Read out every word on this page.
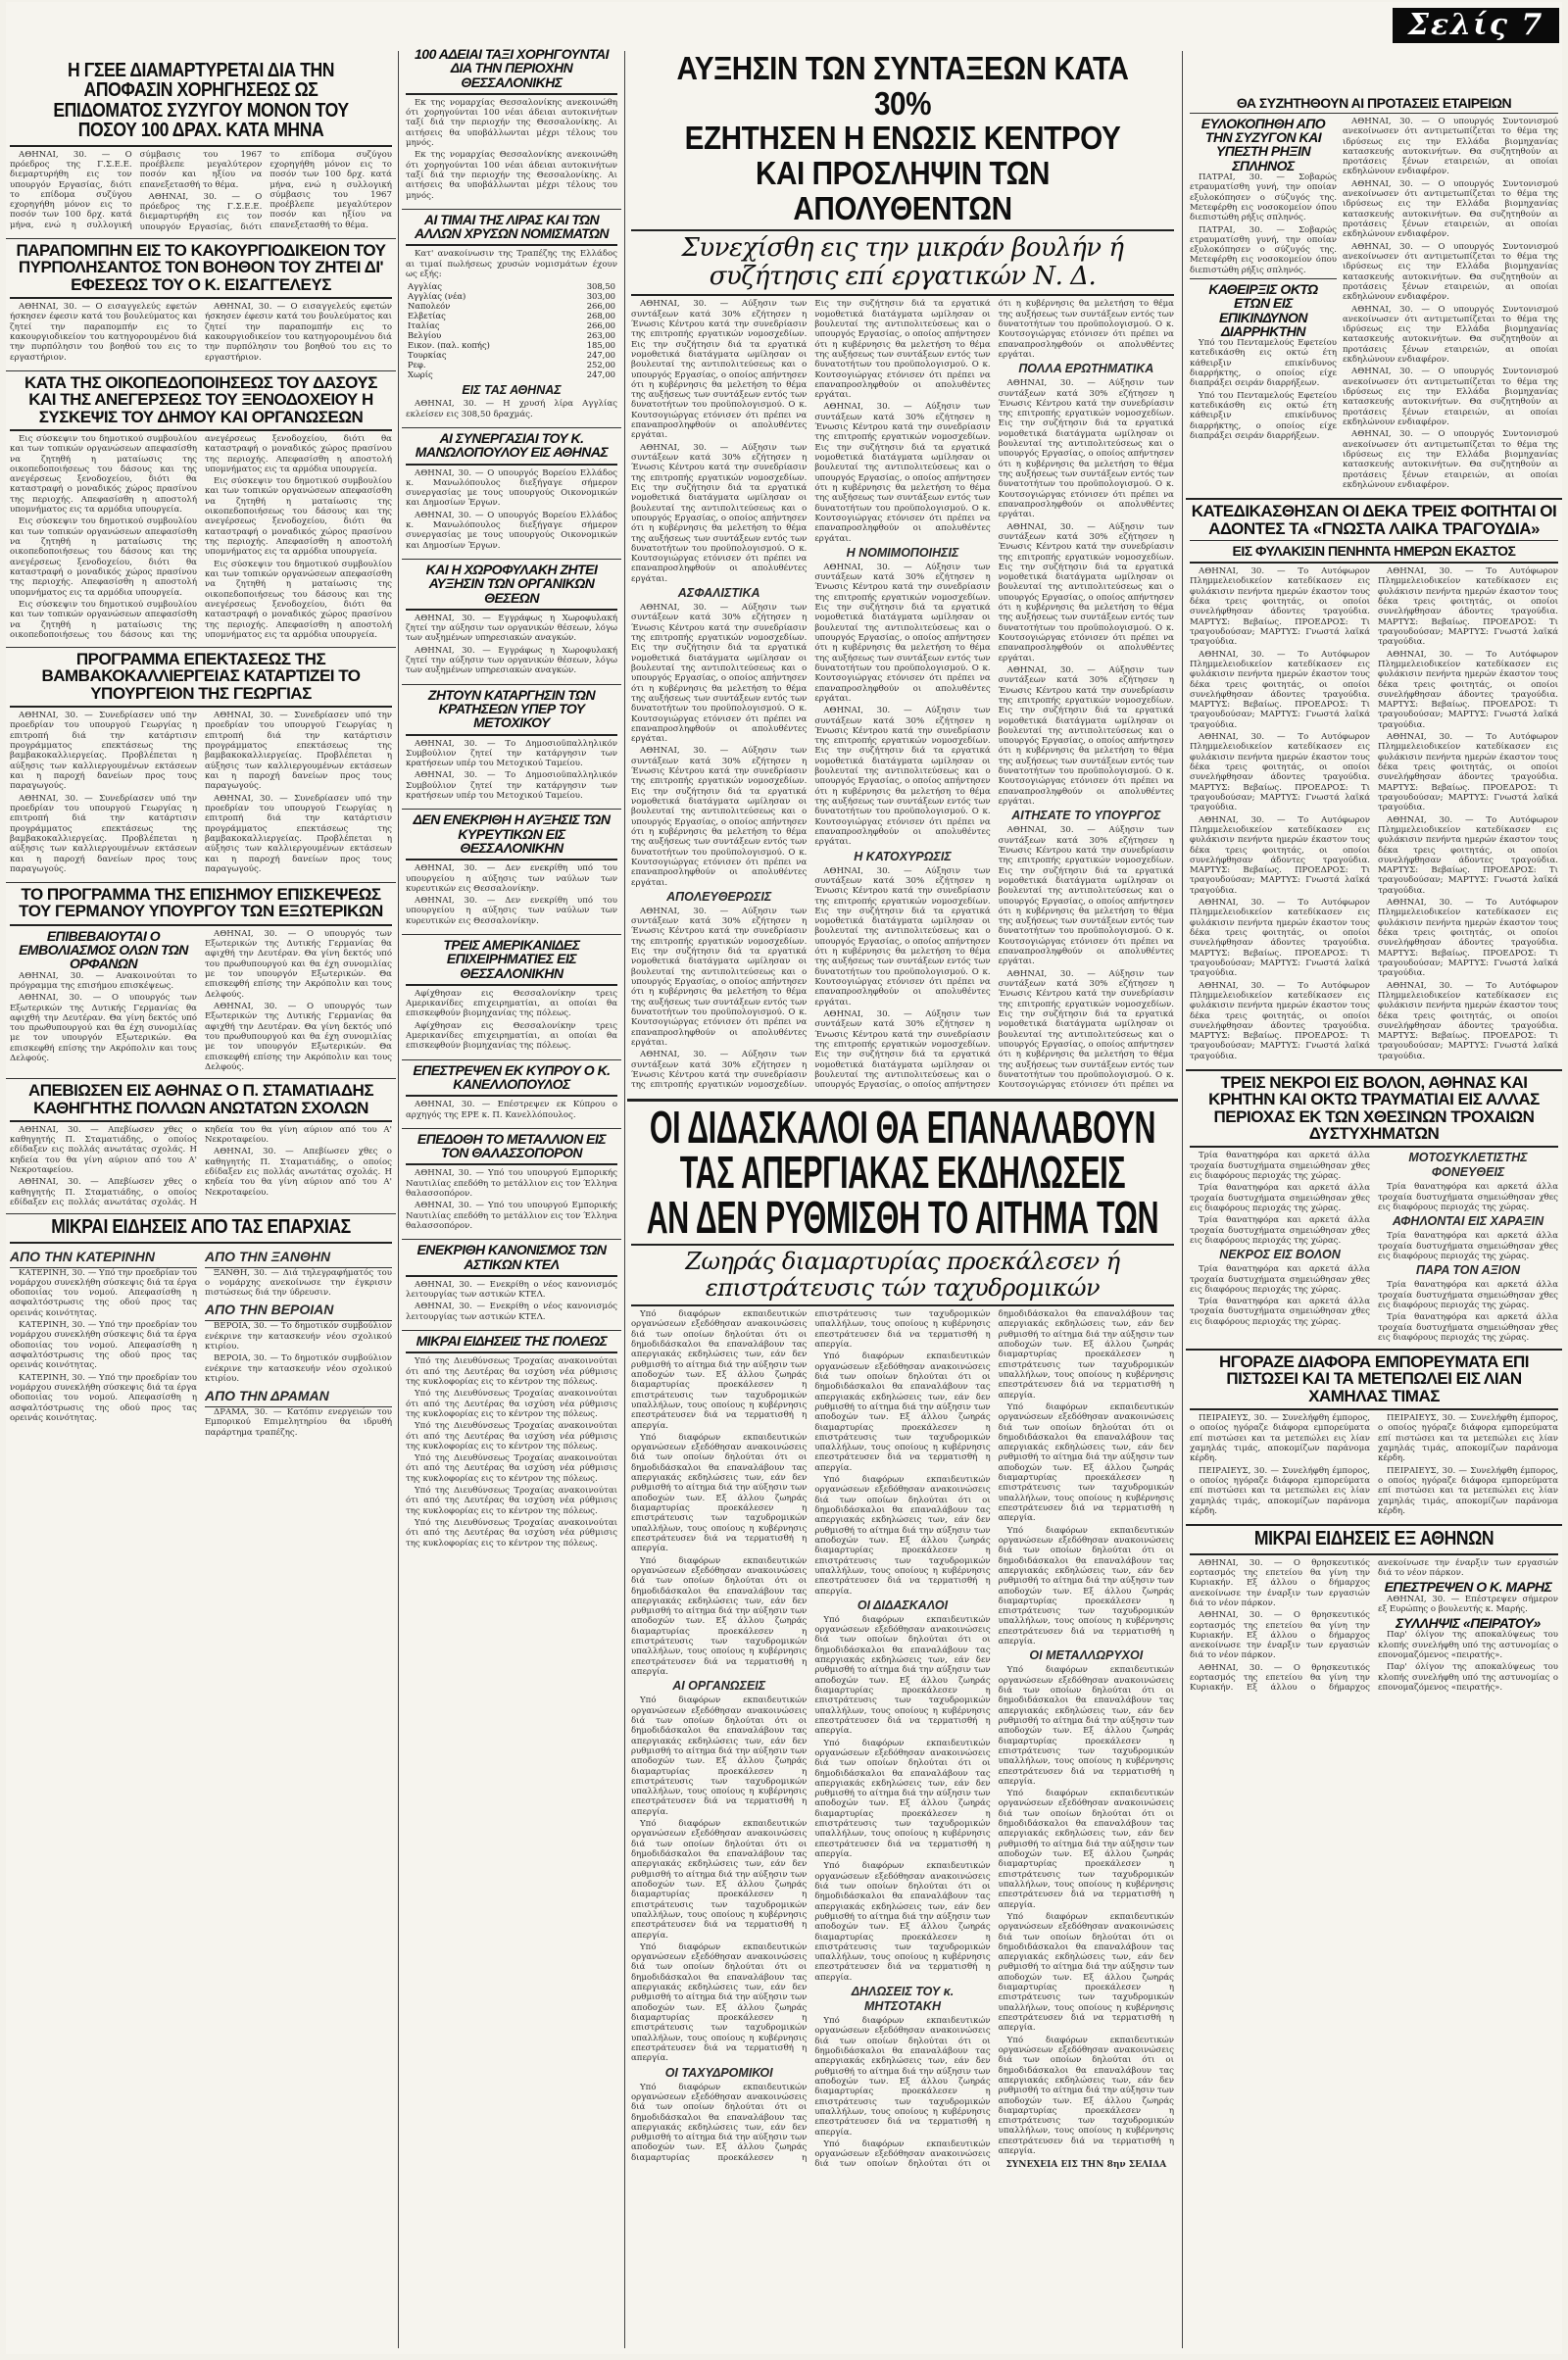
Σελίς 7
Η ΓΣΕΕ ΔΙΑΜΑΡΤΥΡΕΤΑΙ ΔΙΑ ΤΗΝ ΑΠΟΦΑΣΙΝ ΧΟΡΗΓΗΣΕΩΣ ΩΣ ΕΠΙΔΟΜΑΤΟΣ ΣΥΖΥΓΟΥ ΜΟΝΟΝ ΤΟΥ ΠΟΣΟΥ 100 ΔΡΑΧ. ΚΑΤΑ ΜΗΝΑ

ΑΘΗΝΑΙ, 30. — Ο πρόεδρος της Γ.Σ.Ε.Ε. διεμαρτυρήθη εις τον υπουργόν Εργασίας, διότι το επίδομα συζύγου εχορηγήθη μόνον εις το ποσόν των 100 δρχ. κατά μήνα, ενώ η συλλογική σύμβασις του 1967 προέβλεπε μεγαλύτερον ποσόν και ηξίου να επανεξετασθή το θέμα.

ΑΘΗΝΑΙ, 30. — Ο πρόεδρος της Γ.Σ.Ε.Ε. διεμαρτυρήθη εις τον υπουργόν Εργασίας, διότι το επίδομα συζύγου εχορηγήθη μόνον εις το ποσόν των 100 δρχ. κατά μήνα, ενώ η συλλογική σύμβασις του 1967 προέβλεπε μεγαλύτερον ποσόν και ηξίου να επανεξετασθή το θέμα.

ΠΑΡΑΠΟΜΠΗΝ ΕΙΣ ΤΟ ΚΑΚΟΥΡΓΙΟΔΙΚΕΙΟΝ ΤΟΥ ΠΥΡΠΟΛΗΣΑΝΤΟΣ ΤΟΝ ΒΟΗΘΟΝ ΤΟΥ ΖΗΤΕΙ ΔΙ' ΕΦΕΣΕΩΣ ΤΟΥ Ο Κ. ΕΙΣΑΓΓΕΛΕΥΣ

ΑΘΗΝΑΙ, 30. — Ο εισαγγελεύς εφετών ήσκησεν έφεσιν κατά του βουλεύματος και ζητεί την παραπομπήν εις το κακουργιοδικείον του κατηγορουμένου διά την πυρπόλησιν του βοηθού του εις το εργαστήριον.

ΑΘΗΝΑΙ, 30. — Ο εισαγγελεύς εφετών ήσκησεν έφεσιν κατά του βουλεύματος και ζητεί την παραπομπήν εις το κακουργιοδικείον του κατηγορουμένου διά την πυρπόλησιν του βοηθού του εις το εργαστήριον.

ΚΑΤΑ ΤΗΣ ΟΙΚΟΠΕΔΟΠΟΙΗΣΕΩΣ ΤΟΥ ΔΑΣΟΥΣ ΚΑΙ ΤΗΣ ΑΝΕΓΕΡΣΕΩΣ ΤΟΥ ΞΕΝΟΔΟΧΕΙΟΥ Η ΣΥΣΚΕΨΙΣ ΤΟΥ ΔΗΜΟΥ ΚΑΙ ΟΡΓΑΝΩΣΕΩΝ

Εις σύσκεψιν του δημοτικού συμβουλίου και των τοπικών οργανώσεων απεφασίσθη να ζητηθή η ματαίωσις της οικοπεδοποιήσεως του δάσους και της ανεγέρσεως ξενοδοχείου, διότι θα καταστραφή ο μοναδικός χώρος πρασίνου της περιοχής. Απεφασίσθη η αποστολή υπομνήματος εις τα αρμόδια υπουργεία.

Εις σύσκεψιν του δημοτικού συμβουλίου και των τοπικών οργανώσεων απεφασίσθη να ζητηθή η ματαίωσις της οικοπεδοποιήσεως του δάσους και της ανεγέρσεως ξενοδοχείου, διότι θα καταστραφή ο μοναδικός χώρος πρασίνου της περιοχής. Απεφασίσθη η αποστολή υπομνήματος εις τα αρμόδια υπουργεία.

Εις σύσκεψιν του δημοτικού συμβουλίου και των τοπικών οργανώσεων απεφασίσθη να ζητηθή η ματαίωσις της οικοπεδοποιήσεως του δάσους και της ανεγέρσεως ξενοδοχείου, διότι θα καταστραφή ο μοναδικός χώρος πρασίνου της περιοχής. Απεφασίσθη η αποστολή υπομνήματος εις τα αρμόδια υπουργεία.

Εις σύσκεψιν του δημοτικού συμβουλίου και των τοπικών οργανώσεων απεφασίσθη να ζητηθή η ματαίωσις της οικοπεδοποιήσεως του δάσους και της ανεγέρσεως ξενοδοχείου, διότι θα καταστραφή ο μοναδικός χώρος πρασίνου της περιοχής. Απεφασίσθη η αποστολή υπομνήματος εις τα αρμόδια υπουργεία.

Εις σύσκεψιν του δημοτικού συμβουλίου και των τοπικών οργανώσεων απεφασίσθη να ζητηθή η ματαίωσις της οικοπεδοποιήσεως του δάσους και της ανεγέρσεως ξενοδοχείου, διότι θα καταστραφή ο μοναδικός χώρος πρασίνου της περιοχής. Απεφασίσθη η αποστολή υπομνήματος εις τα αρμόδια υπουργεία.

ΠΡΟΓΡΑΜΜΑ ΕΠΕΚΤΑΣΕΩΣ ΤΗΣ ΒΑΜΒΑΚΟΚΑΛΛΙΕΡΓΕΙΑΣ ΚΑΤΑΡΤΙΖΕΙ ΤΟ ΥΠΟΥΡΓΕΙΟΝ ΤΗΣ ΓΕΩΡΓΙΑΣ

ΑΘΗΝΑΙ, 30. — Συνεδρίασεν υπό την προεδρίαν του υπουργού Γεωργίας η επιτροπή διά την κατάρτισιν προγράμματος επεκτάσεως της βαμβακοκαλλιεργείας. Προβλέπεται η αύξησις των καλλιεργουμένων εκτάσεων και η παροχή δανείων προς τους παραγωγούς.

ΑΘΗΝΑΙ, 30. — Συνεδρίασεν υπό την προεδρίαν του υπουργού Γεωργίας η επιτροπή διά την κατάρτισιν προγράμματος επεκτάσεως της βαμβακοκαλλιεργείας. Προβλέπεται η αύξησις των καλλιεργουμένων εκτάσεων και η παροχή δανείων προς τους παραγωγούς.

ΑΘΗΝΑΙ, 30. — Συνεδρίασεν υπό την προεδρίαν του υπουργού Γεωργίας η επιτροπή διά την κατάρτισιν προγράμματος επεκτάσεως της βαμβακοκαλλιεργείας. Προβλέπεται η αύξησις των καλλιεργουμένων εκτάσεων και η παροχή δανείων προς τους παραγωγούς.

ΑΘΗΝΑΙ, 30. — Συνεδρίασεν υπό την προεδρίαν του υπουργού Γεωργίας η επιτροπή διά την κατάρτισιν προγράμματος επεκτάσεως της βαμβακοκαλλιεργείας. Προβλέπεται η αύξησις των καλλιεργουμένων εκτάσεων και η παροχή δανείων προς τους παραγωγούς.

ΤΟ ΠΡΟΓΡΑΜΜΑ ΤΗΣ ΕΠΙΣΗΜΟΥ ΕΠΙΣΚΕΨΕΩΣ ΤΟΥ ΓΕΡΜΑΝΟΥ ΥΠΟΥΡΓΟΥ ΤΩΝ ΕΞΩΤΕΡΙΚΩΝ
ΕΠΙΒΕΒΑΙΟΥΤΑΙ Ο ΕΜΒΟΛΙΑΣΜΟΣ ΟΛΩΝ ΤΩΝ ΟΡΦΑΝΩΝ

ΑΘΗΝΑΙ, 30. — Ανακοινούται το πρόγραμμα της επισήμου επισκέψεως.

ΑΘΗΝΑΙ, 30. — Ο υπουργός των Εξωτερικών της Δυτικής Γερμανίας θα αφιχθή την Δευτέραν. Θα γίνη δεκτός υπό του πρωθυπουργού και θα έχη συνομιλίας με τον υπουργόν Εξωτερικών. Θα επισκεφθή επίσης την Ακρόπολιν και τους Δελφούς.

ΑΘΗΝΑΙ, 30. — Ο υπουργός των Εξωτερικών της Δυτικής Γερμανίας θα αφιχθή την Δευτέραν. Θα γίνη δεκτός υπό του πρωθυπουργού και θα έχη συνομιλίας με τον υπουργόν Εξωτερικών. Θα επισκεφθή επίσης την Ακρόπολιν και τους Δελφούς.

ΑΘΗΝΑΙ, 30. — Ο υπουργός των Εξωτερικών της Δυτικής Γερμανίας θα αφιχθή την Δευτέραν. Θα γίνη δεκτός υπό του πρωθυπουργού και θα έχη συνομιλίας με τον υπουργόν Εξωτερικών. Θα επισκεφθή επίσης την Ακρόπολιν και τους Δελφούς.

ΑΠΕΒΙΩΣΕΝ ΕΙΣ ΑΘΗΝΑΣ Ο Π. ΣΤΑΜΑΤΙΑΔΗΣ ΚΑΘΗΓΗΤΗΣ ΠΟΛΛΩΝ ΑΝΩΤΑΤΩΝ ΣΧΟΛΩΝ

ΑΘΗΝΑΙ, 30. — Απεβίωσεν χθες ο καθηγητής Π. Σταματιάδης, ο οποίος εδίδαξεν εις πολλάς ανωτάτας σχολάς. Η κηδεία του θα γίνη αύριον από του Α' Νεκροταφείου.

ΑΘΗΝΑΙ, 30. — Απεβίωσεν χθες ο καθηγητής Π. Σταματιάδης, ο οποίος εδίδαξεν εις πολλάς ανωτάτας σχολάς. Η κηδεία του θα γίνη αύριον από του Α' Νεκροταφείου.

ΑΘΗΝΑΙ, 30. — Απεβίωσεν χθες ο καθηγητής Π. Σταματιάδης, ο οποίος εδίδαξεν εις πολλάς ανωτάτας σχολάς. Η κηδεία του θα γίνη αύριον από του Α' Νεκροταφείου.

ΜΙΚΡΑΙ ΕΙΔΗΣΕΙΣ ΑΠΟ ΤΑΣ ΕΠΑΡΧΙΑΣ
ΑΠΟ ΤΗΝ ΚΑΤΕΡΙΝΗΝ

ΚΑΤΕΡΙΝΗ, 30. — Υπό την προεδρίαν του νομάρχου συνεκλήθη σύσκεψις διά τα έργα οδοποιίας του νομού. Απεφασίσθη η ασφαλτόστρωσις της οδού προς τας ορεινάς κοινότητας.

ΚΑΤΕΡΙΝΗ, 30. — Υπό την προεδρίαν του νομάρχου συνεκλήθη σύσκεψις διά τα έργα οδοποιίας του νομού. Απεφασίσθη η ασφαλτόστρωσις της οδού προς τας ορεινάς κοινότητας.

ΚΑΤΕΡΙΝΗ, 30. — Υπό την προεδρίαν του νομάρχου συνεκλήθη σύσκεψις διά τα έργα οδοποιίας του νομού. Απεφασίσθη η ασφαλτόστρωσις της οδού προς τας ορεινάς κοινότητας.

ΑΠΟ ΤΗΝ ΞΑΝΘΗΝ

ΞΑΝΘΗ, 30. — Διά τηλεγραφήματός του ο νομάρχης ανεκοίνωσε την έγκρισιν πιστώσεως διά την ύδρευσιν.

ΑΠΟ ΤΗΝ ΒΕΡΟΙΑΝ

ΒΕΡΟΙΑ, 30. — Το δημοτικόν συμβούλιον ενέκρινε την κατασκευήν νέου σχολικού κτιρίου.

ΒΕΡΟΙΑ, 30. — Το δημοτικόν συμβούλιον ενέκρινε την κατασκευήν νέου σχολικού κτιρίου.

ΑΠΟ ΤΗΝ ΔΡΑΜΑΝ

ΔΡΑΜΑ, 30. — Κατόπιν ενεργειών του Εμπορικού Επιμελητηρίου θα ιδρυθή παράρτημα τραπέζης.

100 ΑΔΕΙΑΙ ΤΑΞΙ ΧΟΡΗΓΟΥΝΤΑΙ ΔΙΑ ΤΗΝ ΠΕΡΙΟΧΗΝ ΘΕΣΣΑΛΟΝΙΚΗΣ

Εκ της νομαρχίας Θεσσαλονίκης ανεκοινώθη ότι χορηγούνται 100 νέαι άδειαι αυτοκινήτων ταξί διά την περιοχήν της Θεσσαλονίκης. Αι αιτήσεις θα υποβάλλωνται μέχρι τέλους του μηνός.

Εκ της νομαρχίας Θεσσαλονίκης ανεκοινώθη ότι χορηγούνται 100 νέαι άδειαι αυτοκινήτων ταξί διά την περιοχήν της Θεσσαλονίκης. Αι αιτήσεις θα υποβάλλωνται μέχρι τέλους του μηνός.

ΑΙ ΤΙΜΑΙ ΤΗΣ ΛΙΡΑΣ ΚΑΙ ΤΩΝ ΑΛΛΩΝ ΧΡΥΣΩΝ ΝΟΜΙΣΜΑΤΩΝ

Κατ' ανακοίνωσιν της Τραπέζης της Ελλάδος αι τιμαί πωλήσεως χρυσών νομισμάτων έχουν ως εξής:

Αγγλίας	308,50
Αγγλίας (νέα)	303,00
Ναπολεόν	266,00
Ελβετίας	268,00
Ιταλίας	266,00
Βελγίου	263,00
Εικον. (παλ. κοπής)	185,00
Τουρκίας	247,00
Ρεφ.	252,00
Χωρίς	247,00
ΕΙΣ ΤΑΣ ΑΘΗΝΑΣ

ΑΘΗΝΑΙ, 30. — Η χρυσή λίρα Αγγλίας εκλείσεν εις 308,50 δραχμάς.

ΑΙ ΣΥΝΕΡΓΑΣΙΑΙ ΤΟΥ Κ. ΜΑΝΩΛΟΠΟΥΛΟΥ ΕΙΣ ΑΘΗΝΑΣ

ΑΘΗΝΑΙ, 30. — Ο υπουργός Βορείου Ελλάδος κ. Μανωλόπουλος διεξήγαγε σήμερον συνεργασίας με τους υπουργούς Οικονομικών και Δημοσίων Έργων.

ΑΘΗΝΑΙ, 30. — Ο υπουργός Βορείου Ελλάδος κ. Μανωλόπουλος διεξήγαγε σήμερον συνεργασίας με τους υπουργούς Οικονομικών και Δημοσίων Έργων.

ΚΑΙ Η ΧΩΡΟΦΥΛΑΚΗ ΖΗΤΕΙ ΑΥΞΗΣΙΝ ΤΩΝ ΟΡΓΑΝΙΚΩΝ ΘΕΣΕΩΝ

ΑΘΗΝΑΙ, 30. — Εγγράφως η Χωροφυλακή ζητεί την αύξησιν των οργανικών θέσεων, λόγω των αυξημένων υπηρεσιακών αναγκών.

ΑΘΗΝΑΙ, 30. — Εγγράφως η Χωροφυλακή ζητεί την αύξησιν των οργανικών θέσεων, λόγω των αυξημένων υπηρεσιακών αναγκών.

ΖΗΤΟΥΝ ΚΑΤΑΡΓΗΣΙΝ ΤΩΝ ΚΡΑΤΗΣΕΩΝ ΥΠΕΡ ΤΟΥ ΜΕΤΟΧΙΚΟΥ

ΑΘΗΝΑΙ, 30. — Το Δημοσιοϋπαλληλικόν Συμβούλιον ζητεί την κατάργησιν των κρατήσεων υπέρ του Μετοχικού Ταμείου.

ΑΘΗΝΑΙ, 30. — Το Δημοσιοϋπαλληλικόν Συμβούλιον ζητεί την κατάργησιν των κρατήσεων υπέρ του Μετοχικού Ταμείου.

ΔΕΝ ΕΝΕΚΡΙΘΗ Η ΑΥΞΗΣΙΣ ΤΩΝ ΚΥΡΕΥΤΙΚΩΝ ΕΙΣ ΘΕΣΣΑΛΟΝΙΚΗΝ

ΑΘΗΝΑΙ, 30. — Δεν ενεκρίθη υπό του υπουργείου η αύξησις των ναύλων των κυρευτικών εις Θεσσαλονίκην.

ΑΘΗΝΑΙ, 30. — Δεν ενεκρίθη υπό του υπουργείου η αύξησις των ναύλων των κυρευτικών εις Θεσσαλονίκην.

ΤΡΕΙΣ ΑΜΕΡΙΚΑΝΙΔΕΣ ΕΠΙΧΕΙΡΗΜΑΤΙΕΣ ΕΙΣ ΘΕΣΣΑΛΟΝΙΚΗΝ

Αφίχθησαν εις Θεσσαλονίκην τρεις Αμερικανίδες επιχειρηματίαι, αι οποίαι θα επισκεφθούν βιομηχανίας της πόλεως.

Αφίχθησαν εις Θεσσαλονίκην τρεις Αμερικανίδες επιχειρηματίαι, αι οποίαι θα επισκεφθούν βιομηχανίας της πόλεως.

ΕΠΕΣΤΡΕΨΕΝ ΕΚ ΚΥΠΡΟΥ Ο Κ. ΚΑΝΕΛΛΟΠΟΥΛΟΣ

ΑΘΗΝΑΙ, 30. — Επέστρεψεν εκ Κύπρου ο αρχηγός της ΕΡΕ κ. Π. Κανελλόπουλος.

ΕΠΕΔΟΘΗ ΤΟ ΜΕΤΑΛΛΙΟΝ ΕΙΣ ΤΟΝ ΘΑΛΑΣΣΟΠΟΡΟΝ

ΑΘΗΝΑΙ, 30. — Υπό του υπουργού Εμπορικής Ναυτιλίας επεδόθη το μετάλλιον εις τον Έλληνα θαλασσοπόρον.

ΑΘΗΝΑΙ, 30. — Υπό του υπουργού Εμπορικής Ναυτιλίας επεδόθη το μετάλλιον εις τον Έλληνα θαλασσοπόρον.

ΕΝΕΚΡΙΘΗ ΚΑΝΟΝΙΣΜΟΣ ΤΩΝ ΑΣΤΙΚΩΝ ΚΤΕΛ

ΑΘΗΝΑΙ, 30. — Ενεκρίθη ο νέος κανονισμός λειτουργίας των αστικών ΚΤΕΛ.

ΑΘΗΝΑΙ, 30. — Ενεκρίθη ο νέος κανονισμός λειτουργίας των αστικών ΚΤΕΛ.

ΜΙΚΡΑΙ ΕΙΔΗΣΕΙΣ ΤΗΣ ΠΟΛΕΩΣ

Υπό της Διευθύνσεως Τροχαίας ανακοινούται ότι από της Δευτέρας θα ισχύση νέα ρύθμισις της κυκλοφορίας εις το κέντρον της πόλεως.

Υπό της Διευθύνσεως Τροχαίας ανακοινούται ότι από της Δευτέρας θα ισχύση νέα ρύθμισις της κυκλοφορίας εις το κέντρον της πόλεως.

Υπό της Διευθύνσεως Τροχαίας ανακοινούται ότι από της Δευτέρας θα ισχύση νέα ρύθμισις της κυκλοφορίας εις το κέντρον της πόλεως.

Υπό της Διευθύνσεως Τροχαίας ανακοινούται ότι από της Δευτέρας θα ισχύση νέα ρύθμισις της κυκλοφορίας εις το κέντρον της πόλεως.

Υπό της Διευθύνσεως Τροχαίας ανακοινούται ότι από της Δευτέρας θα ισχύση νέα ρύθμισις της κυκλοφορίας εις το κέντρον της πόλεως.

Υπό της Διευθύνσεως Τροχαίας ανακοινούται ότι από της Δευτέρας θα ισχύση νέα ρύθμισις της κυκλοφορίας εις το κέντρον της πόλεως.

ΑΥΞΗΣΙΝ ΤΩΝ ΣΥΝΤΑΞΕΩΝ ΚΑΤΑ 30%
ΕΖΗΤΗΣΕΝ Η ΕΝΩΣΙΣ ΚΕΝΤΡΟΥ
ΚΑΙ ΠΡΟΣΛΗΨΙΝ ΤΩΝ ΑΠΟΛΥΘΕΝΤΩΝ
Συνεχίσθη εις την μικράν βουλήν ή συζήτησις επί εργατικών Ν. Δ.

ΑΘΗΝΑΙ, 30. — Αύξησιν των συντάξεων κατά 30% εζήτησεν η Ένωσις Κέντρου κατά την συνεδρίασιν της επιτροπής εργατικών νομοσχεδίων. Εις την συζήτησιν διά τα εργατικά νομοθετικά διατάγματα ωμίλησαν οι βουλευταί της αντιπολιτεύσεως και ο υπουργός Εργασίας, ο οποίος απήντησεν ότι η κυβέρνησις θα μελετήση το θέμα της αυξήσεως των συντάξεων εντός των δυνατοτήτων του προϋπολογισμού. Ο κ. Κουτσογιώργας ετόνισεν ότι πρέπει να επαναπροσληφθούν οι απολυθέντες εργάται.

ΑΘΗΝΑΙ, 30. — Αύξησιν των συντάξεων κατά 30% εζήτησεν η Ένωσις Κέντρου κατά την συνεδρίασιν της επιτροπής εργατικών νομοσχεδίων. Εις την συζήτησιν διά τα εργατικά νομοθετικά διατάγματα ωμίλησαν οι βουλευταί της αντιπολιτεύσεως και ο υπουργός Εργασίας, ο οποίος απήντησεν ότι η κυβέρνησις θα μελετήση το θέμα της αυξήσεως των συντάξεων εντός των δυνατοτήτων του προϋπολογισμού. Ο κ. Κουτσογιώργας ετόνισεν ότι πρέπει να επαναπροσληφθούν οι απολυθέντες εργάται.

ΑΣΦΑΛΙΣΤΙΚΑ

ΑΘΗΝΑΙ, 30. — Αύξησιν των συντάξεων κατά 30% εζήτησεν η Ένωσις Κέντρου κατά την συνεδρίασιν της επιτροπής εργατικών νομοσχεδίων. Εις την συζήτησιν διά τα εργατικά νομοθετικά διατάγματα ωμίλησαν οι βουλευταί της αντιπολιτεύσεως και ο υπουργός Εργασίας, ο οποίος απήντησεν ότι η κυβέρνησις θα μελετήση το θέμα της αυξήσεως των συντάξεων εντός των δυνατοτήτων του προϋπολογισμού. Ο κ. Κουτσογιώργας ετόνισεν ότι πρέπει να επαναπροσληφθούν οι απολυθέντες εργάται.

ΑΘΗΝΑΙ, 30. — Αύξησιν των συντάξεων κατά 30% εζήτησεν η Ένωσις Κέντρου κατά την συνεδρίασιν της επιτροπής εργατικών νομοσχεδίων. Εις την συζήτησιν διά τα εργατικά νομοθετικά διατάγματα ωμίλησαν οι βουλευταί της αντιπολιτεύσεως και ο υπουργός Εργασίας, ο οποίος απήντησεν ότι η κυβέρνησις θα μελετήση το θέμα της αυξήσεως των συντάξεων εντός των δυνατοτήτων του προϋπολογισμού. Ο κ. Κουτσογιώργας ετόνισεν ότι πρέπει να επαναπροσληφθούν οι απολυθέντες εργάται.

ΑΠΟΛΕΥΘΕΡΩΣΙΣ

ΑΘΗΝΑΙ, 30. — Αύξησιν των συντάξεων κατά 30% εζήτησεν η Ένωσις Κέντρου κατά την συνεδρίασιν της επιτροπής εργατικών νομοσχεδίων. Εις την συζήτησιν διά τα εργατικά νομοθετικά διατάγματα ωμίλησαν οι βουλευταί της αντιπολιτεύσεως και ο υπουργός Εργασίας, ο οποίος απήντησεν ότι η κυβέρνησις θα μελετήση το θέμα της αυξήσεως των συντάξεων εντός των δυνατοτήτων του προϋπολογισμού. Ο κ. Κουτσογιώργας ετόνισεν ότι πρέπει να επαναπροσληφθούν οι απολυθέντες εργάται.

ΑΘΗΝΑΙ, 30. — Αύξησιν των συντάξεων κατά 30% εζήτησεν η Ένωσις Κέντρου κατά την συνεδρίασιν της επιτροπής εργατικών νομοσχεδίων. Εις την συζήτησιν διά τα εργατικά νομοθετικά διατάγματα ωμίλησαν οι βουλευταί της αντιπολιτεύσεως και ο υπουργός Εργασίας, ο οποίος απήντησεν ότι η κυβέρνησις θα μελετήση το θέμα της αυξήσεως των συντάξεων εντός των δυνατοτήτων του προϋπολογισμού. Ο κ. Κουτσογιώργας ετόνισεν ότι πρέπει να επαναπροσληφθούν οι απολυθέντες εργάται.

ΑΘΗΝΑΙ, 30. — Αύξησιν των συντάξεων κατά 30% εζήτησεν η Ένωσις Κέντρου κατά την συνεδρίασιν της επιτροπής εργατικών νομοσχεδίων. Εις την συζήτησιν διά τα εργατικά νομοθετικά διατάγματα ωμίλησαν οι βουλευταί της αντιπολιτεύσεως και ο υπουργός Εργασίας, ο οποίος απήντησεν ότι η κυβέρνησις θα μελετήση το θέμα της αυξήσεως των συντάξεων εντός των δυνατοτήτων του προϋπολογισμού. Ο κ. Κουτσογιώργας ετόνισεν ότι πρέπει να επαναπροσληφθούν οι απολυθέντες εργάται.

Η ΝΟΜΙΜΟΠΟΙΗΣΙΣ

ΑΘΗΝΑΙ, 30. — Αύξησιν των συντάξεων κατά 30% εζήτησεν η Ένωσις Κέντρου κατά την συνεδρίασιν της επιτροπής εργατικών νομοσχεδίων. Εις την συζήτησιν διά τα εργατικά νομοθετικά διατάγματα ωμίλησαν οι βουλευταί της αντιπολιτεύσεως και ο υπουργός Εργασίας, ο οποίος απήντησεν ότι η κυβέρνησις θα μελετήση το θέμα της αυξήσεως των συντάξεων εντός των δυνατοτήτων του προϋπολογισμού. Ο κ. Κουτσογιώργας ετόνισεν ότι πρέπει να επαναπροσληφθούν οι απολυθέντες εργάται.

ΑΘΗΝΑΙ, 30. — Αύξησιν των συντάξεων κατά 30% εζήτησεν η Ένωσις Κέντρου κατά την συνεδρίασιν της επιτροπής εργατικών νομοσχεδίων. Εις την συζήτησιν διά τα εργατικά νομοθετικά διατάγματα ωμίλησαν οι βουλευταί της αντιπολιτεύσεως και ο υπουργός Εργασίας, ο οποίος απήντησεν ότι η κυβέρνησις θα μελετήση το θέμα της αυξήσεως των συντάξεων εντός των δυνατοτήτων του προϋπολογισμού. Ο κ. Κουτσογιώργας ετόνισεν ότι πρέπει να επαναπροσληφθούν οι απολυθέντες εργάται.

Η ΚΑΤΟΧΥΡΩΣΙΣ

ΑΘΗΝΑΙ, 30. — Αύξησιν των συντάξεων κατά 30% εζήτησεν η Ένωσις Κέντρου κατά την συνεδρίασιν της επιτροπής εργατικών νομοσχεδίων. Εις την συζήτησιν διά τα εργατικά νομοθετικά διατάγματα ωμίλησαν οι βουλευταί της αντιπολιτεύσεως και ο υπουργός Εργασίας, ο οποίος απήντησεν ότι η κυβέρνησις θα μελετήση το θέμα της αυξήσεως των συντάξεων εντός των δυνατοτήτων του προϋπολογισμού. Ο κ. Κουτσογιώργας ετόνισεν ότι πρέπει να επαναπροσληφθούν οι απολυθέντες εργάται.

ΑΘΗΝΑΙ, 30. — Αύξησιν των συντάξεων κατά 30% εζήτησεν η Ένωσις Κέντρου κατά την συνεδρίασιν της επιτροπής εργατικών νομοσχεδίων. Εις την συζήτησιν διά τα εργατικά νομοθετικά διατάγματα ωμίλησαν οι βουλευταί της αντιπολιτεύσεως και ο υπουργός Εργασίας, ο οποίος απήντησεν ότι η κυβέρνησις θα μελετήση το θέμα της αυξήσεως των συντάξεων εντός των δυνατοτήτων του προϋπολογισμού. Ο κ. Κουτσογιώργας ετόνισεν ότι πρέπει να επαναπροσληφθούν οι απολυθέντες εργάται.

ΠΟΛΛΑ ΕΡΩΤΗΜΑΤΙΚΑ

ΑΘΗΝΑΙ, 30. — Αύξησιν των συντάξεων κατά 30% εζήτησεν η Ένωσις Κέντρου κατά την συνεδρίασιν της επιτροπής εργατικών νομοσχεδίων. Εις την συζήτησιν διά τα εργατικά νομοθετικά διατάγματα ωμίλησαν οι βουλευταί της αντιπολιτεύσεως και ο υπουργός Εργασίας, ο οποίος απήντησεν ότι η κυβέρνησις θα μελετήση το θέμα της αυξήσεως των συντάξεων εντός των δυνατοτήτων του προϋπολογισμού. Ο κ. Κουτσογιώργας ετόνισεν ότι πρέπει να επαναπροσληφθούν οι απολυθέντες εργάται.

ΑΘΗΝΑΙ, 30. — Αύξησιν των συντάξεων κατά 30% εζήτησεν η Ένωσις Κέντρου κατά την συνεδρίασιν της επιτροπής εργατικών νομοσχεδίων. Εις την συζήτησιν διά τα εργατικά νομοθετικά διατάγματα ωμίλησαν οι βουλευταί της αντιπολιτεύσεως και ο υπουργός Εργασίας, ο οποίος απήντησεν ότι η κυβέρνησις θα μελετήση το θέμα της αυξήσεως των συντάξεων εντός των δυνατοτήτων του προϋπολογισμού. Ο κ. Κουτσογιώργας ετόνισεν ότι πρέπει να επαναπροσληφθούν οι απολυθέντες εργάται.

ΑΘΗΝΑΙ, 30. — Αύξησιν των συντάξεων κατά 30% εζήτησεν η Ένωσις Κέντρου κατά την συνεδρίασιν της επιτροπής εργατικών νομοσχεδίων. Εις την συζήτησιν διά τα εργατικά νομοθετικά διατάγματα ωμίλησαν οι βουλευταί της αντιπολιτεύσεως και ο υπουργός Εργασίας, ο οποίος απήντησεν ότι η κυβέρνησις θα μελετήση το θέμα της αυξήσεως των συντάξεων εντός των δυνατοτήτων του προϋπολογισμού. Ο κ. Κουτσογιώργας ετόνισεν ότι πρέπει να επαναπροσληφθούν οι απολυθέντες εργάται.

ΑΙΤΗΣΑΤΕ ΤΟ ΥΠΟΥΡΓΟΣ

ΑΘΗΝΑΙ, 30. — Αύξησιν των συντάξεων κατά 30% εζήτησεν η Ένωσις Κέντρου κατά την συνεδρίασιν της επιτροπής εργατικών νομοσχεδίων. Εις την συζήτησιν διά τα εργατικά νομοθετικά διατάγματα ωμίλησαν οι βουλευταί της αντιπολιτεύσεως και ο υπουργός Εργασίας, ο οποίος απήντησεν ότι η κυβέρνησις θα μελετήση το θέμα της αυξήσεως των συντάξεων εντός των δυνατοτήτων του προϋπολογισμού. Ο κ. Κουτσογιώργας ετόνισεν ότι πρέπει να επαναπροσληφθούν οι απολυθέντες εργάται.

ΑΘΗΝΑΙ, 30. — Αύξησιν των συντάξεων κατά 30% εζήτησεν η Ένωσις Κέντρου κατά την συνεδρίασιν της επιτροπής εργατικών νομοσχεδίων. Εις την συζήτησιν διά τα εργατικά νομοθετικά διατάγματα ωμίλησαν οι βουλευταί της αντιπολιτεύσεως και ο υπουργός Εργασίας, ο οποίος απήντησεν ότι η κυβέρνησις θα μελετήση το θέμα της αυξήσεως των συντάξεων εντός των δυνατοτήτων του προϋπολογισμού. Ο κ. Κουτσογιώργας ετόνισεν ότι πρέπει να

ΟΙ ΔΙΔΑΣΚΑΛΟΙ ΘΑ ΕΠΑΝΑΛΑΒΟΥΝ
ΤΑΣ ΑΠΕΡΓΙΑΚΑΣ ΕΚΔΗΛΩΣΕΙΣ
ΑΝ ΔΕΝ ΡΥΘΜΙΣΘΗ ΤΟ ΑΙΤΗΜΑ ΤΩΝ
Ζωηράς διαμαρτυρίας προεκάλεσεν ή επιστράτευσις τών ταχυδρομικών

Υπό διαφόρων εκπαιδευτικών οργανώσεων εξεδόθησαν ανακοινώσεις διά των οποίων δηλούται ότι οι δημοδιδάσκαλοι θα επαναλάβουν τας απεργιακάς εκδηλώσεις των, εάν δεν ρυθμισθή το αίτημα διά την αύξησιν των αποδοχών των. Εξ άλλου ζωηράς διαμαρτυρίας προεκάλεσεν η επιστράτευσις των ταχυδρομικών υπαλλήλων, τους οποίους η κυβέρνησις επεστράτευσεν διά να τερματισθή η απεργία.

Υπό διαφόρων εκπαιδευτικών οργανώσεων εξεδόθησαν ανακοινώσεις διά των οποίων δηλούται ότι οι δημοδιδάσκαλοι θα επαναλάβουν τας απεργιακάς εκδηλώσεις των, εάν δεν ρυθμισθή το αίτημα διά την αύξησιν των αποδοχών των. Εξ άλλου ζωηράς διαμαρτυρίας προεκάλεσεν η επιστράτευσις των ταχυδρομικών υπαλλήλων, τους οποίους η κυβέρνησις επεστράτευσεν διά να τερματισθή η απεργία.

Υπό διαφόρων εκπαιδευτικών οργανώσεων εξεδόθησαν ανακοινώσεις διά των οποίων δηλούται ότι οι δημοδιδάσκαλοι θα επαναλάβουν τας απεργιακάς εκδηλώσεις των, εάν δεν ρυθμισθή το αίτημα διά την αύξησιν των αποδοχών των. Εξ άλλου ζωηράς διαμαρτυρίας προεκάλεσεν η επιστράτευσις των ταχυδρομικών υπαλλήλων, τους οποίους η κυβέρνησις επεστράτευσεν διά να τερματισθή η απεργία.

ΑΙ ΟΡΓΑΝΩΣΕΙΣ

Υπό διαφόρων εκπαιδευτικών οργανώσεων εξεδόθησαν ανακοινώσεις διά των οποίων δηλούται ότι οι δημοδιδάσκαλοι θα επαναλάβουν τας απεργιακάς εκδηλώσεις των, εάν δεν ρυθμισθή το αίτημα διά την αύξησιν των αποδοχών των. Εξ άλλου ζωηράς διαμαρτυρίας προεκάλεσεν η επιστράτευσις των ταχυδρομικών υπαλλήλων, τους οποίους η κυβέρνησις επεστράτευσεν διά να τερματισθή η απεργία.

Υπό διαφόρων εκπαιδευτικών οργανώσεων εξεδόθησαν ανακοινώσεις διά των οποίων δηλούται ότι οι δημοδιδάσκαλοι θα επαναλάβουν τας απεργιακάς εκδηλώσεις των, εάν δεν ρυθμισθή το αίτημα διά την αύξησιν των αποδοχών των. Εξ άλλου ζωηράς διαμαρτυρίας προεκάλεσεν η επιστράτευσις των ταχυδρομικών υπαλλήλων, τους οποίους η κυβέρνησις επεστράτευσεν διά να τερματισθή η απεργία.

Υπό διαφόρων εκπαιδευτικών οργανώσεων εξεδόθησαν ανακοινώσεις διά των οποίων δηλούται ότι οι δημοδιδάσκαλοι θα επαναλάβουν τας απεργιακάς εκδηλώσεις των, εάν δεν ρυθμισθή το αίτημα διά την αύξησιν των αποδοχών των. Εξ άλλου ζωηράς διαμαρτυρίας προεκάλεσεν η επιστράτευσις των ταχυδρομικών υπαλλήλων, τους οποίους η κυβέρνησις επεστράτευσεν διά να τερματισθή η απεργία.

ΟΙ ΤΑΧΥΔΡΟΜΙΚΟΙ

Υπό διαφόρων εκπαιδευτικών οργανώσεων εξεδόθησαν ανακοινώσεις διά των οποίων δηλούται ότι οι δημοδιδάσκαλοι θα επαναλάβουν τας απεργιακάς εκδηλώσεις των, εάν δεν ρυθμισθή το αίτημα διά την αύξησιν των αποδοχών των. Εξ άλλου ζωηράς διαμαρτυρίας προεκάλεσεν η επιστράτευσις των ταχυδρομικών υπαλλήλων, τους οποίους η κυβέρνησις επεστράτευσεν διά να τερματισθή η απεργία.

Υπό διαφόρων εκπαιδευτικών οργανώσεων εξεδόθησαν ανακοινώσεις διά των οποίων δηλούται ότι οι δημοδιδάσκαλοι θα επαναλάβουν τας απεργιακάς εκδηλώσεις των, εάν δεν ρυθμισθή το αίτημα διά την αύξησιν των αποδοχών των. Εξ άλλου ζωηράς διαμαρτυρίας προεκάλεσεν η επιστράτευσις των ταχυδρομικών υπαλλήλων, τους οποίους η κυβέρνησις επεστράτευσεν διά να τερματισθή η απεργία.

Υπό διαφόρων εκπαιδευτικών οργανώσεων εξεδόθησαν ανακοινώσεις διά των οποίων δηλούται ότι οι δημοδιδάσκαλοι θα επαναλάβουν τας απεργιακάς εκδηλώσεις των, εάν δεν ρυθμισθή το αίτημα διά την αύξησιν των αποδοχών των. Εξ άλλου ζωηράς διαμαρτυρίας προεκάλεσεν η επιστράτευσις των ταχυδρομικών υπαλλήλων, τους οποίους η κυβέρνησις επεστράτευσεν διά να τερματισθή η απεργία.

ΟΙ ΔΙΔΑΣΚΑΛΟΙ

Υπό διαφόρων εκπαιδευτικών οργανώσεων εξεδόθησαν ανακοινώσεις διά των οποίων δηλούται ότι οι δημοδιδάσκαλοι θα επαναλάβουν τας απεργιακάς εκδηλώσεις των, εάν δεν ρυθμισθή το αίτημα διά την αύξησιν των αποδοχών των. Εξ άλλου ζωηράς διαμαρτυρίας προεκάλεσεν η επιστράτευσις των ταχυδρομικών υπαλλήλων, τους οποίους η κυβέρνησις επεστράτευσεν διά να τερματισθή η απεργία.

Υπό διαφόρων εκπαιδευτικών οργανώσεων εξεδόθησαν ανακοινώσεις διά των οποίων δηλούται ότι οι δημοδιδάσκαλοι θα επαναλάβουν τας απεργιακάς εκδηλώσεις των, εάν δεν ρυθμισθή το αίτημα διά την αύξησιν των αποδοχών των. Εξ άλλου ζωηράς διαμαρτυρίας προεκάλεσεν η επιστράτευσις των ταχυδρομικών υπαλλήλων, τους οποίους η κυβέρνησις επεστράτευσεν διά να τερματισθή η απεργία.

Υπό διαφόρων εκπαιδευτικών οργανώσεων εξεδόθησαν ανακοινώσεις διά των οποίων δηλούται ότι οι δημοδιδάσκαλοι θα επαναλάβουν τας απεργιακάς εκδηλώσεις των, εάν δεν ρυθμισθή το αίτημα διά την αύξησιν των αποδοχών των. Εξ άλλου ζωηράς διαμαρτυρίας προεκάλεσεν η επιστράτευσις των ταχυδρομικών υπαλλήλων, τους οποίους η κυβέρνησις επεστράτευσεν διά να τερματισθή η απεργία.

ΔΗΛΩΣΕΙΣ ΤΟΥ κ. ΜΗΤΣΟΤΑΚΗ

Υπό διαφόρων εκπαιδευτικών οργανώσεων εξεδόθησαν ανακοινώσεις διά των οποίων δηλούται ότι οι δημοδιδάσκαλοι θα επαναλάβουν τας απεργιακάς εκδηλώσεις των, εάν δεν ρυθμισθή το αίτημα διά την αύξησιν των αποδοχών των. Εξ άλλου ζωηράς διαμαρτυρίας προεκάλεσεν η επιστράτευσις των ταχυδρομικών υπαλλήλων, τους οποίους η κυβέρνησις επεστράτευσεν διά να τερματισθή η απεργία.

Υπό διαφόρων εκπαιδευτικών οργανώσεων εξεδόθησαν ανακοινώσεις διά των οποίων δηλούται ότι οι δημοδιδάσκαλοι θα επαναλάβουν τας απεργιακάς εκδηλώσεις των, εάν δεν ρυθμισθή το αίτημα διά την αύξησιν των αποδοχών των. Εξ άλλου ζωηράς διαμαρτυρίας προεκάλεσεν η επιστράτευσις των ταχυδρομικών υπαλλήλων, τους οποίους η κυβέρνησις επεστράτευσεν διά να τερματισθή η απεργία.

Υπό διαφόρων εκπαιδευτικών οργανώσεων εξεδόθησαν ανακοινώσεις διά των οποίων δηλούται ότι οι δημοδιδάσκαλοι θα επαναλάβουν τας απεργιακάς εκδηλώσεις των, εάν δεν ρυθμισθή το αίτημα διά την αύξησιν των αποδοχών των. Εξ άλλου ζωηράς διαμαρτυρίας προεκάλεσεν η επιστράτευσις των ταχυδρομικών υπαλλήλων, τους οποίους η κυβέρνησις επεστράτευσεν διά να τερματισθή η απεργία.

Υπό διαφόρων εκπαιδευτικών οργανώσεων εξεδόθησαν ανακοινώσεις διά των οποίων δηλούται ότι οι δημοδιδάσκαλοι θα επαναλάβουν τας απεργιακάς εκδηλώσεις των, εάν δεν ρυθμισθή το αίτημα διά την αύξησιν των αποδοχών των. Εξ άλλου ζωηράς διαμαρτυρίας προεκάλεσεν η επιστράτευσις των ταχυδρομικών υπαλλήλων, τους οποίους η κυβέρνησις επεστράτευσεν διά να τερματισθή η απεργία.

ΟΙ ΜΕΤΑΛΛΩΡΥΧΟΙ

Υπό διαφόρων εκπαιδευτικών οργανώσεων εξεδόθησαν ανακοινώσεις διά των οποίων δηλούται ότι οι δημοδιδάσκαλοι θα επαναλάβουν τας απεργιακάς εκδηλώσεις των, εάν δεν ρυθμισθή το αίτημα διά την αύξησιν των αποδοχών των. Εξ άλλου ζωηράς διαμαρτυρίας προεκάλεσεν η επιστράτευσις των ταχυδρομικών υπαλλήλων, τους οποίους η κυβέρνησις επεστράτευσεν διά να τερματισθή η απεργία.

Υπό διαφόρων εκπαιδευτικών οργανώσεων εξεδόθησαν ανακοινώσεις διά των οποίων δηλούται ότι οι δημοδιδάσκαλοι θα επαναλάβουν τας απεργιακάς εκδηλώσεις των, εάν δεν ρυθμισθή το αίτημα διά την αύξησιν των αποδοχών των. Εξ άλλου ζωηράς διαμαρτυρίας προεκάλεσεν η επιστράτευσις των ταχυδρομικών υπαλλήλων, τους οποίους η κυβέρνησις επεστράτευσεν διά να τερματισθή η απεργία.

Υπό διαφόρων εκπαιδευτικών οργανώσεων εξεδόθησαν ανακοινώσεις διά των οποίων δηλούται ότι οι δημοδιδάσκαλοι θα επαναλάβουν τας απεργιακάς εκδηλώσεις των, εάν δεν ρυθμισθή το αίτημα διά την αύξησιν των αποδοχών των. Εξ άλλου ζωηράς διαμαρτυρίας προεκάλεσεν η επιστράτευσις των ταχυδρομικών υπαλλήλων, τους οποίους η κυβέρνησις επεστράτευσεν διά να τερματισθή η απεργία.

Υπό διαφόρων εκπαιδευτικών οργανώσεων εξεδόθησαν ανακοινώσεις διά των οποίων δηλούται ότι οι δημοδιδάσκαλοι θα επαναλάβουν τας απεργιακάς εκδηλώσεις των, εάν δεν ρυθμισθή το αίτημα διά την αύξησιν των αποδοχών των. Εξ άλλου ζωηράς διαμαρτυρίας προεκάλεσεν η επιστράτευσις των ταχυδρομικών υπαλλήλων, τους οποίους η κυβέρνησις επεστράτευσεν διά να τερματισθή η απεργία.

ΣΥΝΕΧΕΙΑ ΕΙΣ ΤΗΝ 8ην ΣΕΛΙΔΑ
ΘΑ ΣΥΖΗΤΗΘΟΥΝ ΑΙ ΠΡΟΤΑΣΕΙΣ ΕΤΑΙΡΕΙΩΝ
ΕΥΛΟΚΟΠΗΘΗ ΑΠΟ ΤΗΝ ΣΥΖΥΓΟΝ ΚΑΙ ΥΠΕΣΤΗ ΡΗΞΙΝ ΣΠΛΗΝΟΣ

ΠΑΤΡΑΙ, 30. — Σοβαρώς ετραυματίσθη γυνή, την οποίαν εξυλοκόπησεν ο σύζυγός της. Μετεφέρθη εις νοσοκομείον όπου διεπιστώθη ρήξις σπληνός.

ΠΑΤΡΑΙ, 30. — Σοβαρώς ετραυματίσθη γυνή, την οποίαν εξυλοκόπησεν ο σύζυγός της. Μετεφέρθη εις νοσοκομείον όπου διεπιστώθη ρήξις σπληνός.

ΚΑΘΕΙΡΞΙΣ ΟΚΤΩ ΕΤΩΝ ΕΙΣ ΕΠΙΚΙΝΔΥΝΟΝ ΔΙΑΡΡΗΚΤΗΝ

Υπό του Πενταμελούς Εφετείου κατεδικάσθη εις οκτώ έτη κάθειρξιν επικίνδυνος διαρρήκτης, ο οποίος είχε διαπράξει σειράν διαρρήξεων.

Υπό του Πενταμελούς Εφετείου κατεδικάσθη εις οκτώ έτη κάθειρξιν επικίνδυνος διαρρήκτης, ο οποίος είχε διαπράξει σειράν διαρρήξεων.

ΑΘΗΝΑΙ, 30. — Ο υπουργός Συντονισμού ανεκοίνωσεν ότι αντιμετωπίζεται το θέμα της ιδρύσεως εις την Ελλάδα βιομηχανίας κατασκευής αυτοκινήτων. Θα συζητηθούν αι προτάσεις ξένων εταιρειών, αι οποίαι εκδηλώνουν ενδιαφέρον.

ΑΘΗΝΑΙ, 30. — Ο υπουργός Συντονισμού ανεκοίνωσεν ότι αντιμετωπίζεται το θέμα της ιδρύσεως εις την Ελλάδα βιομηχανίας κατασκευής αυτοκινήτων. Θα συζητηθούν αι προτάσεις ξένων εταιρειών, αι οποίαι εκδηλώνουν ενδιαφέρον.

ΑΘΗΝΑΙ, 30. — Ο υπουργός Συντονισμού ανεκοίνωσεν ότι αντιμετωπίζεται το θέμα της ιδρύσεως εις την Ελλάδα βιομηχανίας κατασκευής αυτοκινήτων. Θα συζητηθούν αι προτάσεις ξένων εταιρειών, αι οποίαι εκδηλώνουν ενδιαφέρον.

ΑΘΗΝΑΙ, 30. — Ο υπουργός Συντονισμού ανεκοίνωσεν ότι αντιμετωπίζεται το θέμα της ιδρύσεως εις την Ελλάδα βιομηχανίας κατασκευής αυτοκινήτων. Θα συζητηθούν αι προτάσεις ξένων εταιρειών, αι οποίαι εκδηλώνουν ενδιαφέρον.

ΑΘΗΝΑΙ, 30. — Ο υπουργός Συντονισμού ανεκοίνωσεν ότι αντιμετωπίζεται το θέμα της ιδρύσεως εις την Ελλάδα βιομηχανίας κατασκευής αυτοκινήτων. Θα συζητηθούν αι προτάσεις ξένων εταιρειών, αι οποίαι εκδηλώνουν ενδιαφέρον.

ΑΘΗΝΑΙ, 30. — Ο υπουργός Συντονισμού ανεκοίνωσεν ότι αντιμετωπίζεται το θέμα της ιδρύσεως εις την Ελλάδα βιομηχανίας κατασκευής αυτοκινήτων. Θα συζητηθούν αι προτάσεις ξένων εταιρειών, αι οποίαι εκδηλώνουν ενδιαφέρον.

ΚΑΤΕΔΙΚΑΣΘΗΣΑΝ ΟΙ ΔΕΚΑ ΤΡΕΙΣ ΦΟΙΤΗΤΑΙ ΟΙ ΑΔΟΝΤΕΣ ΤΑ «ΓΝΩΣΤΑ ΛΑΙΚΑ ΤΡΑΓΟΥΔΙΑ»
ΕΙΣ ΦΥΛΑΚΙΣΙΝ ΠΕΝΗΝΤΑ ΗΜΕΡΩΝ ΕΚΑΣΤΟΣ

ΑΘΗΝΑΙ, 30. — Το Αυτόφωρον Πλημμελειοδικείον κατεδίκασεν εις φυλάκισιν πενήντα ημερών έκαστον τους δέκα τρεις φοιτητάς, οι οποίοι συνελήφθησαν άδοντες τραγούδια. ΜΑΡΤΥΣ: Βεβαίως. ΠΡΟΕΔΡΟΣ: Τι τραγουδούσαν; ΜΑΡΤΥΣ: Γνωστά λαϊκά τραγούδια.

ΑΘΗΝΑΙ, 30. — Το Αυτόφωρον Πλημμελειοδικείον κατεδίκασεν εις φυλάκισιν πενήντα ημερών έκαστον τους δέκα τρεις φοιτητάς, οι οποίοι συνελήφθησαν άδοντες τραγούδια. ΜΑΡΤΥΣ: Βεβαίως. ΠΡΟΕΔΡΟΣ: Τι τραγουδούσαν; ΜΑΡΤΥΣ: Γνωστά λαϊκά τραγούδια.

ΑΘΗΝΑΙ, 30. — Το Αυτόφωρον Πλημμελειοδικείον κατεδίκασεν εις φυλάκισιν πενήντα ημερών έκαστον τους δέκα τρεις φοιτητάς, οι οποίοι συνελήφθησαν άδοντες τραγούδια. ΜΑΡΤΥΣ: Βεβαίως. ΠΡΟΕΔΡΟΣ: Τι τραγουδούσαν; ΜΑΡΤΥΣ: Γνωστά λαϊκά τραγούδια.

ΑΘΗΝΑΙ, 30. — Το Αυτόφωρον Πλημμελειοδικείον κατεδίκασεν εις φυλάκισιν πενήντα ημερών έκαστον τους δέκα τρεις φοιτητάς, οι οποίοι συνελήφθησαν άδοντες τραγούδια. ΜΑΡΤΥΣ: Βεβαίως. ΠΡΟΕΔΡΟΣ: Τι τραγουδούσαν; ΜΑΡΤΥΣ: Γνωστά λαϊκά τραγούδια.

ΑΘΗΝΑΙ, 30. — Το Αυτόφωρον Πλημμελειοδικείον κατεδίκασεν εις φυλάκισιν πενήντα ημερών έκαστον τους δέκα τρεις φοιτητάς, οι οποίοι συνελήφθησαν άδοντες τραγούδια. ΜΑΡΤΥΣ: Βεβαίως. ΠΡΟΕΔΡΟΣ: Τι τραγουδούσαν; ΜΑΡΤΥΣ: Γνωστά λαϊκά τραγούδια.

ΑΘΗΝΑΙ, 30. — Το Αυτόφωρον Πλημμελειοδικείον κατεδίκασεν εις φυλάκισιν πενήντα ημερών έκαστον τους δέκα τρεις φοιτητάς, οι οποίοι συνελήφθησαν άδοντες τραγούδια. ΜΑΡΤΥΣ: Βεβαίως. ΠΡΟΕΔΡΟΣ: Τι τραγουδούσαν; ΜΑΡΤΥΣ: Γνωστά λαϊκά τραγούδια.

ΑΘΗΝΑΙ, 30. — Το Αυτόφωρον Πλημμελειοδικείον κατεδίκασεν εις φυλάκισιν πενήντα ημερών έκαστον τους δέκα τρεις φοιτητάς, οι οποίοι συνελήφθησαν άδοντες τραγούδια. ΜΑΡΤΥΣ: Βεβαίως. ΠΡΟΕΔΡΟΣ: Τι τραγουδούσαν; ΜΑΡΤΥΣ: Γνωστά λαϊκά τραγούδια.

ΑΘΗΝΑΙ, 30. — Το Αυτόφωρον Πλημμελειοδικείον κατεδίκασεν εις φυλάκισιν πενήντα ημερών έκαστον τους δέκα τρεις φοιτητάς, οι οποίοι συνελήφθησαν άδοντες τραγούδια. ΜΑΡΤΥΣ: Βεβαίως. ΠΡΟΕΔΡΟΣ: Τι τραγουδούσαν; ΜΑΡΤΥΣ: Γνωστά λαϊκά τραγούδια.

ΑΘΗΝΑΙ, 30. — Το Αυτόφωρον Πλημμελειοδικείον κατεδίκασεν εις φυλάκισιν πενήντα ημερών έκαστον τους δέκα τρεις φοιτητάς, οι οποίοι συνελήφθησαν άδοντες τραγούδια. ΜΑΡΤΥΣ: Βεβαίως. ΠΡΟΕΔΡΟΣ: Τι τραγουδούσαν; ΜΑΡΤΥΣ: Γνωστά λαϊκά τραγούδια.

ΑΘΗΝΑΙ, 30. — Το Αυτόφωρον Πλημμελειοδικείον κατεδίκασεν εις φυλάκισιν πενήντα ημερών έκαστον τους δέκα τρεις φοιτητάς, οι οποίοι συνελήφθησαν άδοντες τραγούδια. ΜΑΡΤΥΣ: Βεβαίως. ΠΡΟΕΔΡΟΣ: Τι τραγουδούσαν; ΜΑΡΤΥΣ: Γνωστά λαϊκά τραγούδια.

ΑΘΗΝΑΙ, 30. — Το Αυτόφωρον Πλημμελειοδικείον κατεδίκασεν εις φυλάκισιν πενήντα ημερών έκαστον τους δέκα τρεις φοιτητάς, οι οποίοι συνελήφθησαν άδοντες τραγούδια. ΜΑΡΤΥΣ: Βεβαίως. ΠΡΟΕΔΡΟΣ: Τι τραγουδούσαν; ΜΑΡΤΥΣ: Γνωστά λαϊκά τραγούδια.

ΑΘΗΝΑΙ, 30. — Το Αυτόφωρον Πλημμελειοδικείον κατεδίκασεν εις φυλάκισιν πενήντα ημερών έκαστον τους δέκα τρεις φοιτητάς, οι οποίοι συνελήφθησαν άδοντες τραγούδια. ΜΑΡΤΥΣ: Βεβαίως. ΠΡΟΕΔΡΟΣ: Τι τραγουδούσαν; ΜΑΡΤΥΣ: Γνωστά λαϊκά τραγούδια.

ΤΡΕΙΣ ΝΕΚΡΟΙ ΕΙΣ ΒΟΛΟΝ, ΑΘΗΝΑΣ ΚΑΙ ΚΡΗΤΗΝ ΚΑΙ ΟΚΤΩ ΤΡΑΥΜΑΤΙΑΙ ΕΙΣ ΑΛΛΑΣ ΠΕΡΙΟΧΑΣ ΕΚ ΤΩΝ ΧΘΕΣΙΝΩΝ ΤΡΟΧΑΙΩΝ ΔΥΣΤΥΧΗΜΑΤΩΝ

Τρία θανατηφόρα και αρκετά άλλα τροχαία δυστυχήματα σημειώθησαν χθες εις διαφόρους περιοχάς της χώρας.

Τρία θανατηφόρα και αρκετά άλλα τροχαία δυστυχήματα σημειώθησαν χθες εις διαφόρους περιοχάς της χώρας.

Τρία θανατηφόρα και αρκετά άλλα τροχαία δυστυχήματα σημειώθησαν χθες εις διαφόρους περιοχάς της χώρας.

ΝΕΚΡΟΣ ΕΙΣ ΒΟΛΟΝ

Τρία θανατηφόρα και αρκετά άλλα τροχαία δυστυχήματα σημειώθησαν χθες εις διαφόρους περιοχάς της χώρας.

Τρία θανατηφόρα και αρκετά άλλα τροχαία δυστυχήματα σημειώθησαν χθες εις διαφόρους περιοχάς της χώρας.

ΜΟΤΟΣΥΚΛΕΤΙΣΤΗΣ ΦΟΝΕΥΘΕΙΣ

Τρία θανατηφόρα και αρκετά άλλα τροχαία δυστυχήματα σημειώθησαν χθες εις διαφόρους περιοχάς της χώρας.

ΑΦΗΛΟΝΤΑΙ ΕΙΣ ΧΑΡΑΞΙΝ

Τρία θανατηφόρα και αρκετά άλλα τροχαία δυστυχήματα σημειώθησαν χθες εις διαφόρους περιοχάς της χώρας.

ΠΑΡΑ ΤΟΝ ΑΞΙΟΝ

Τρία θανατηφόρα και αρκετά άλλα τροχαία δυστυχήματα σημειώθησαν χθες εις διαφόρους περιοχάς της χώρας.

Τρία θανατηφόρα και αρκετά άλλα τροχαία δυστυχήματα σημειώθησαν χθες εις διαφόρους περιοχάς της χώρας.

ΗΓΟΡΑΖΕ ΔΙΑΦΟΡΑ ΕΜΠΟΡΕΥΜΑΤΑ ΕΠΙ ΠΙΣΤΩΣΕΙ ΚΑΙ ΤΑ ΜΕΤΕΠΩΛΕΙ ΕΙΣ ΛΙΑΝ ΧΑΜΗΛΑΣ ΤΙΜΑΣ

ΠΕΙΡΑΙΕΥΣ, 30. — Συνελήφθη έμπορος, ο οποίος ηγόραζε διάφορα εμπορεύματα επί πιστώσει και τα μετεπώλει εις λίαν χαμηλάς τιμάς, αποκομίζων παράνομα κέρδη.

ΠΕΙΡΑΙΕΥΣ, 30. — Συνελήφθη έμπορος, ο οποίος ηγόραζε διάφορα εμπορεύματα επί πιστώσει και τα μετεπώλει εις λίαν χαμηλάς τιμάς, αποκομίζων παράνομα κέρδη.

ΠΕΙΡΑΙΕΥΣ, 30. — Συνελήφθη έμπορος, ο οποίος ηγόραζε διάφορα εμπορεύματα επί πιστώσει και τα μετεπώλει εις λίαν χαμηλάς τιμάς, αποκομίζων παράνομα κέρδη.

ΠΕΙΡΑΙΕΥΣ, 30. — Συνελήφθη έμπορος, ο οποίος ηγόραζε διάφορα εμπορεύματα επί πιστώσει και τα μετεπώλει εις λίαν χαμηλάς τιμάς, αποκομίζων παράνομα κέρδη.

ΜΙΚΡΑΙ ΕΙΔΗΣΕΙΣ ΕΞ ΑΘΗΝΩΝ

ΑΘΗΝΑΙ, 30. — Ο θρησκευτικός εορτασμός της επετείου θα γίνη την Κυριακήν. Εξ άλλου ο δήμαρχος ανεκοίνωσε την έναρξιν των εργασιών διά το νέον πάρκον.

ΑΘΗΝΑΙ, 30. — Ο θρησκευτικός εορτασμός της επετείου θα γίνη την Κυριακήν. Εξ άλλου ο δήμαρχος ανεκοίνωσε την έναρξιν των εργασιών διά το νέον πάρκον.

ΑΘΗΝΑΙ, 30. — Ο θρησκευτικός εορτασμός της επετείου θα γίνη την Κυριακήν. Εξ άλλου ο δήμαρχος ανεκοίνωσε την έναρξιν των εργασιών διά το νέον πάρκον.

ΕΠΕΣΤΡΕΨΕΝ Ο Κ. ΜΑΡΗΣ

ΑΘΗΝΑΙ, 30. — Επέστρεψεν σήμερον εξ Ευρώπης ο βουλευτής κ. Μαρής.

ΣΥΛΛΗΨΙΣ «ΠΕΙΡΑΤΟΥ»

Παρ' όλίγον της αποκαλύψεως του κλοπής συνελήφθη υπό της αστυνομίας ο επονομαζόμενος «πειρατής».

Παρ' όλίγον της αποκαλύψεως του κλοπής συνελήφθη υπό της αστυνομίας ο επονομαζόμενος «πειρατής».
